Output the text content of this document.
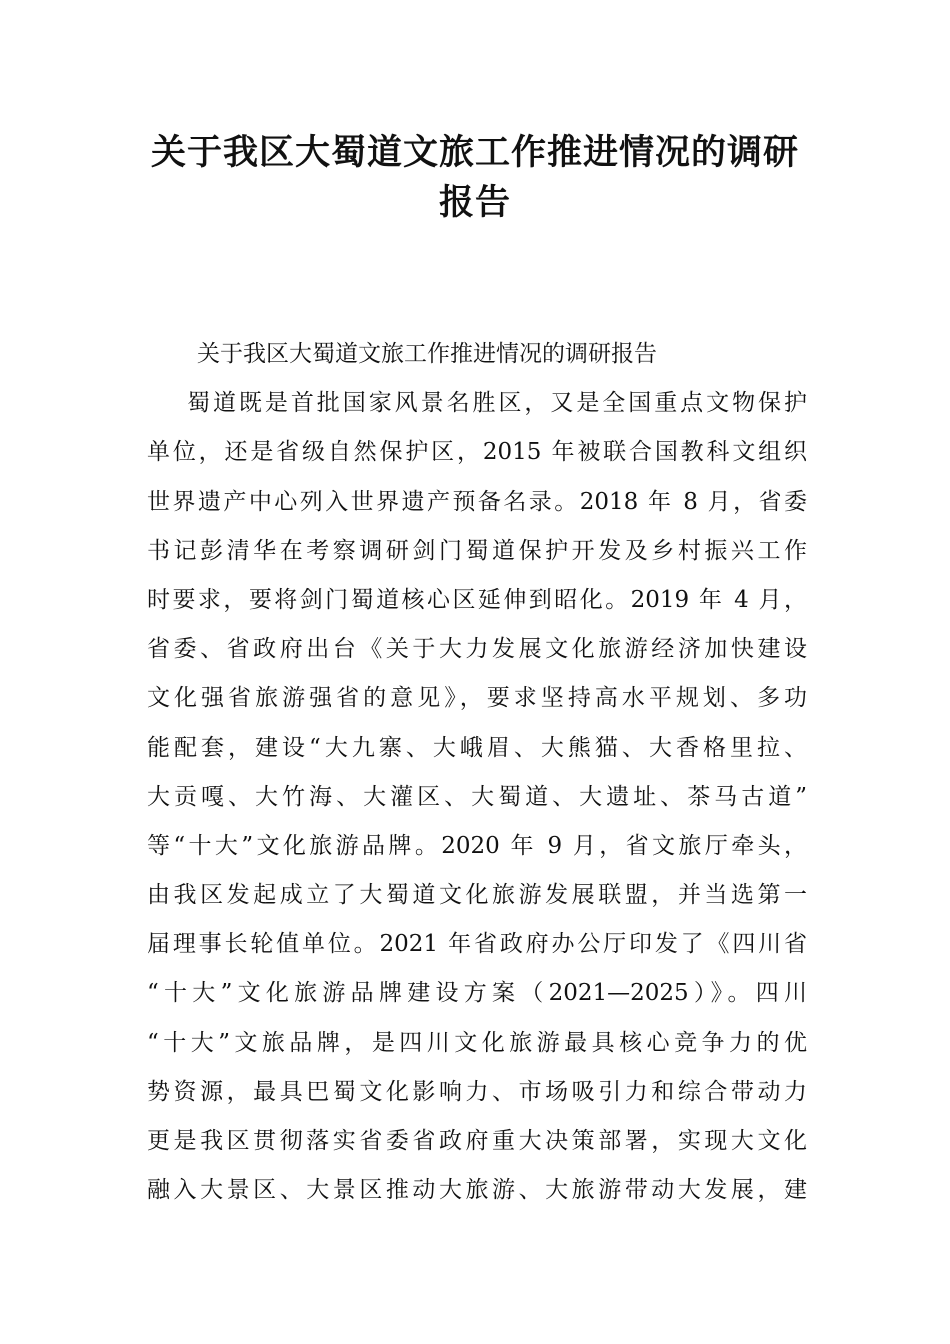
关于我区大蜀道文旅工作推进情况的调研
报告
关于我区大蜀道文旅工作推进情况的调研报告
蜀道既是首批国家风景名胜区，又是全国重点文物保护
单位，还是省级自然保护区，2015 年被联合国教科文组织
世界遗产中心列入世界遗产预备名录。2018 年 8 月，省委
书记彭清华在考察调研剑门蜀道保护开发及乡村振兴工作
时要求，要将剑门蜀道核心区延伸到昭化。2019 年 4 月，
省委、省政府出台《关于大力发展文化旅游经济加快建设
文化强省旅游强省的意见》，要求坚持高水平规划、多功
能配套，建设“大九寨、大峨眉、大熊猫、大香格里拉、
大贡嘎、大竹海、大灌区、大蜀道、大遗址、茶马古道”
等“十大”文化旅游品牌。2020 年 9 月，省文旅厅牵头，
由我区发起成立了大蜀道文化旅游发展联盟，并当选第一
届理事长轮值单位。2021 年省政府办公厅印发了《四川省
“十大”文化旅游品牌建设方案（2021—2025）》。四川
“十大”文旅品牌，是四川文化旅游最具核心竞争力的优
势资源，最具巴蜀文化影响力、市场吸引力和综合带动力
更是我区贯彻落实省委省政府重大决策部署，实现大文化
融入大景区、大景区推动大旅游、大旅游带动大发展，建
